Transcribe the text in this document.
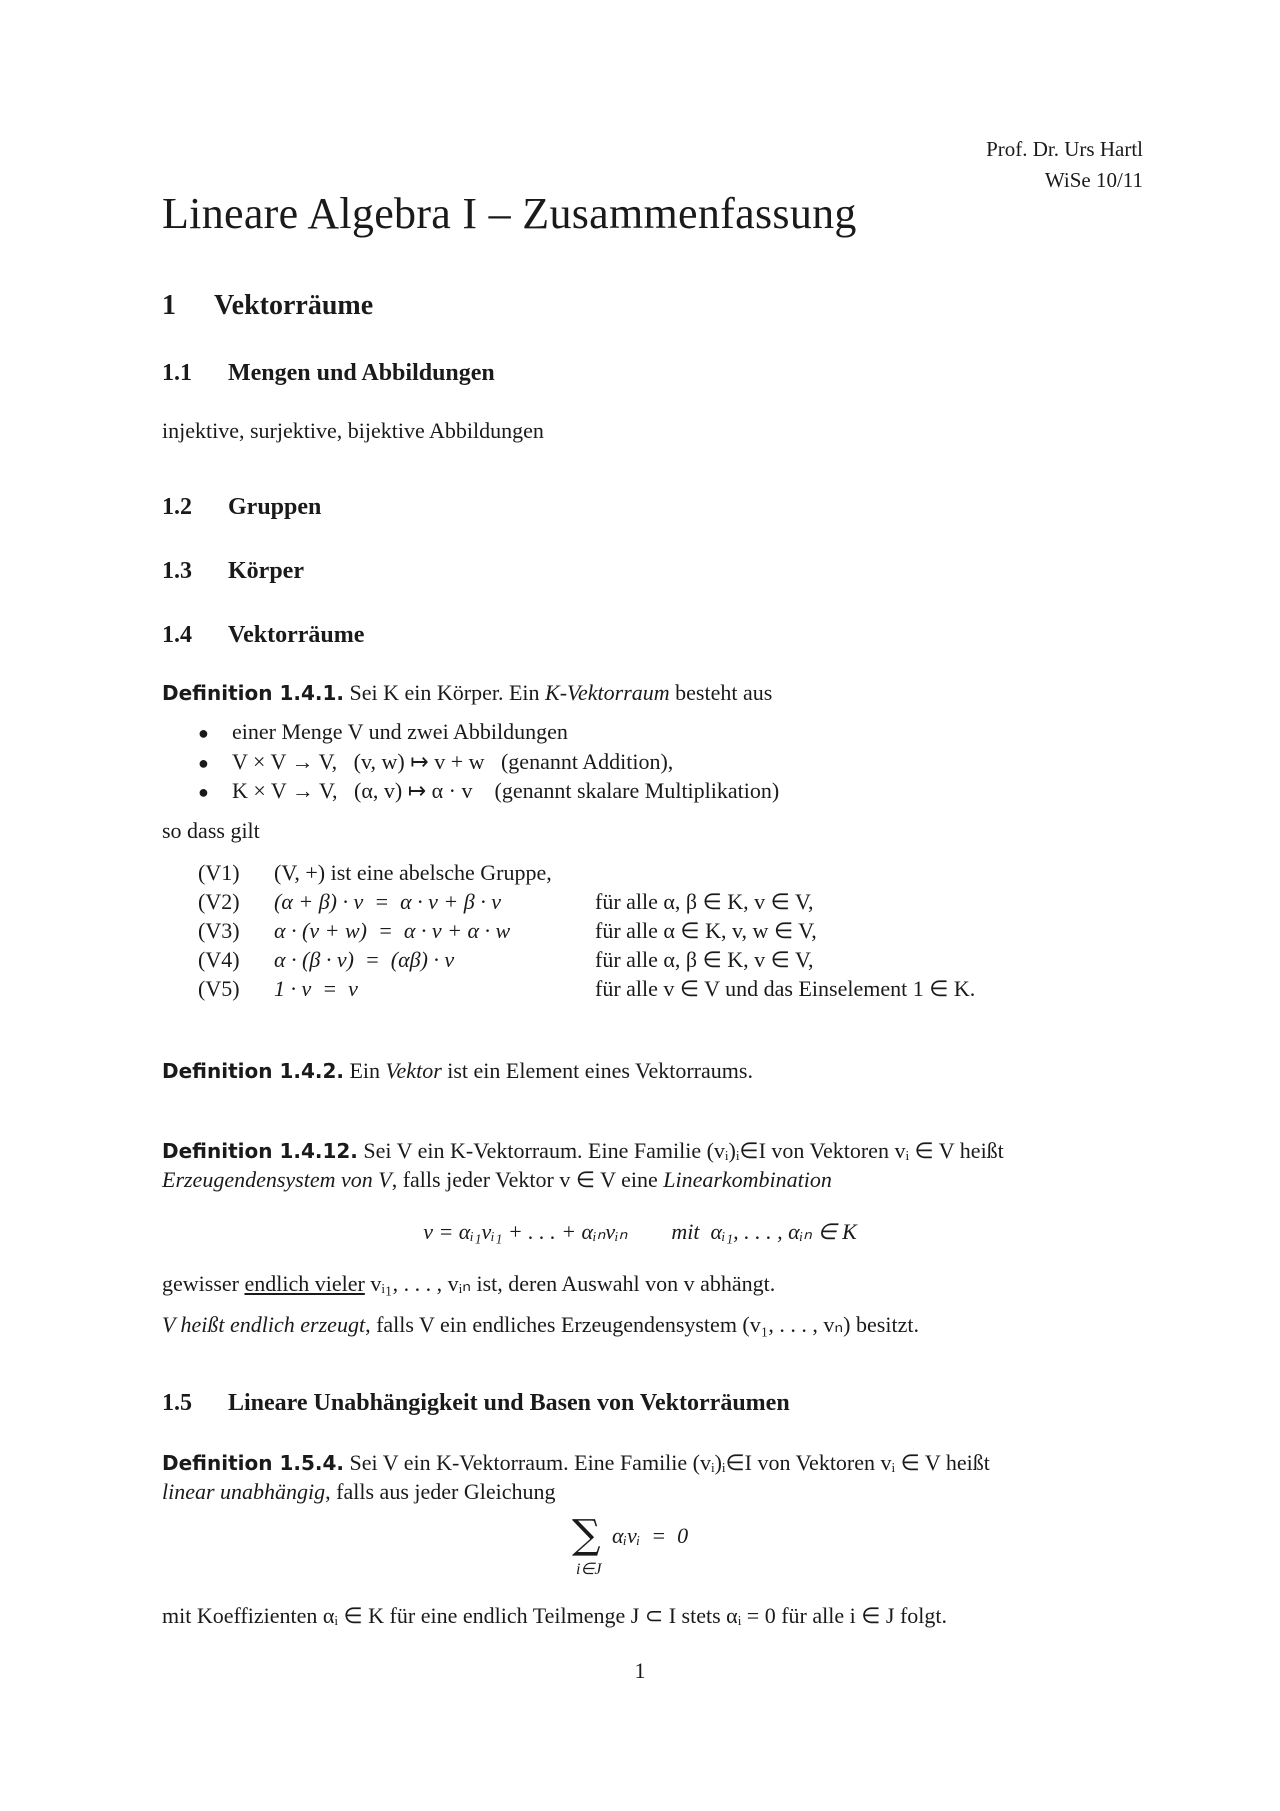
Prof. Dr. Urs Hartl
WiSe 10/11
Lineare Algebra I – Zusammenfassung
1 Vektorräume
1.1 Mengen und Abbildungen

injektive, surjektive, bijektive Abbildungen

1.2 Gruppen
1.3 Körper
1.4 Vektorräume

Definition 1.4.1. Sei K ein Körper. Ein K-Vektorraum besteht aus

● einer Menge V und zwei Abbildungen
● V × V → V,   (v, w) ↦ v + w   (genannt Addition),
● K × V → V,   (α, v) ↦ α · v    (genannt skalare Multiplikation)

so dass gilt

(V1) (V, +) ist eine abelsche Gruppe,
(V2) (α + β) · v  =  α · v + β · v	für alle α, β ∈ K, v ∈ V,
(V3) α · (v + w)  =  α · v + α · w	für alle α ∈ K, v, w ∈ V,
(V4) α · (β · v)  =  (αβ) · v	für alle α, β ∈ K, v ∈ V,
(V5) 1 · v  =  v	für alle v ∈ V und das Einselement 1 ∈ K.

Definition 1.4.2. Ein Vektor ist ein Element eines Vektorraums.

Definition 1.4.12. Sei V ein K-Vektorraum. Eine Familie (vᵢ)ᵢ∈I von Vektoren vᵢ ∈ V heißt

Erzeugendensystem von V, falls jeder Vektor v ∈ V eine Linearkombination

v = αᵢ₁vᵢ₁ + . . . + αᵢₙvᵢₙ        mit  αᵢ₁, . . . , αᵢₙ ∈ K

gewisser endlich vieler vᵢ₁, . . . , vᵢₙ ist, deren Auswahl von v abhängt.

V heißt endlich erzeugt, falls V ein endliches Erzeugendensystem (v₁, . . . , vₙ) besitzt.

1.5 Lineare Unabhängigkeit und Basen von Vektorräumen

Definition 1.5.4. Sei V ein K-Vektorraum. Eine Familie (vᵢ)ᵢ∈I von Vektoren vᵢ ∈ V heißt

linear unabhängig, falls aus jeder Gleichung

∑
i∈J
αᵢvᵢ  =  0

mit Koeffizienten αᵢ ∈ K für eine endlich Teilmenge J ⊂ I stets αᵢ = 0 für alle i ∈ J folgt.

1
